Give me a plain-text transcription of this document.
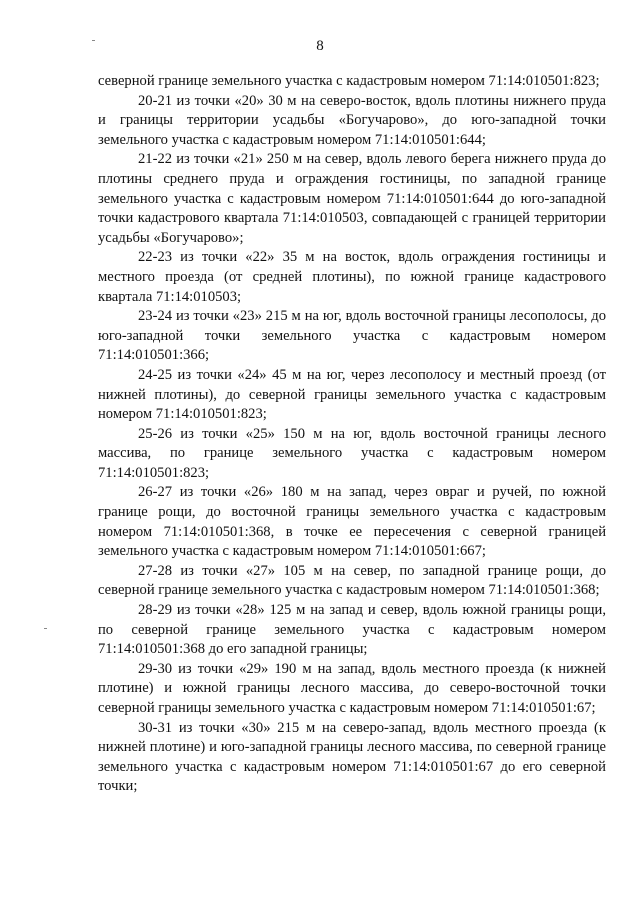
8

северной границе земельного участка с кадастровым номером 71:14:010501:823;

20-21 из точки «20» 30 м на северо-восток, вдоль плотины нижнего пруда и границы территории усадьбы «Богучарово», до юго-западной точки земельного участка с кадастровым номером 71:14:010501:644;

21-22 из точки «21» 250 м на север, вдоль левого берега нижнего пруда до плотины среднего пруда и ограждения гостиницы, по западной границе земельного участка с кадастровым номером 71:14:010501:644 до юго-западной точки кадастрового квартала 71:14:010503, совпадающей с границей территории усадьбы «Богучарово»;

22-23 из точки «22» 35 м на восток, вдоль ограждения гостиницы и местного проезда (от средней плотины), по южной границе кадастрового квартала 71:14:010503;

23-24 из точки «23» 215 м на юг, вдоль восточной границы лесополосы, до юго-западной точки земельного участка с кадастровым номером 71:14:010501:366;

24-25 из точки «24» 45 м на юг, через лесополосу и местный проезд (от нижней плотины), до северной границы земельного участка с кадастровым номером 71:14:010501:823;

25-26 из точки «25» 150 м на юг, вдоль восточной границы лесного массива, по границе земельного участка с кадастровым номером 71:14:010501:823;

26-27 из точки «26» 180 м на запад, через овраг и ручей, по южной границе рощи, до восточной границы земельного участка с кадастровым номером 71:14:010501:368, в точке ее пересечения с северной границей земельного участка с кадастровым номером 71:14:010501:667;

27-28 из точки «27» 105 м на север, по западной границе рощи, до северной границе земельного участка с кадастровым номером 71:14:010501:368;

28-29 из точки «28» 125 м на запад и север, вдоль южной границы рощи, по северной границе земельного участка с кадастровым номером 71:14:010501:368 до его западной границы;

29-30 из точки «29» 190 м на запад, вдоль местного проезда (к нижней плотине) и южной границы лесного массива, до северо-восточной точки северной границы земельного участка с кадастровым номером 71:14:010501:67;

30-31 из точки «30» 215 м на северо-запад, вдоль местного проезда (к нижней плотине) и юго-западной границы лесного массива, по северной границе земельного участка с кадастровым номером 71:14:010501:67 до его северной точки;
